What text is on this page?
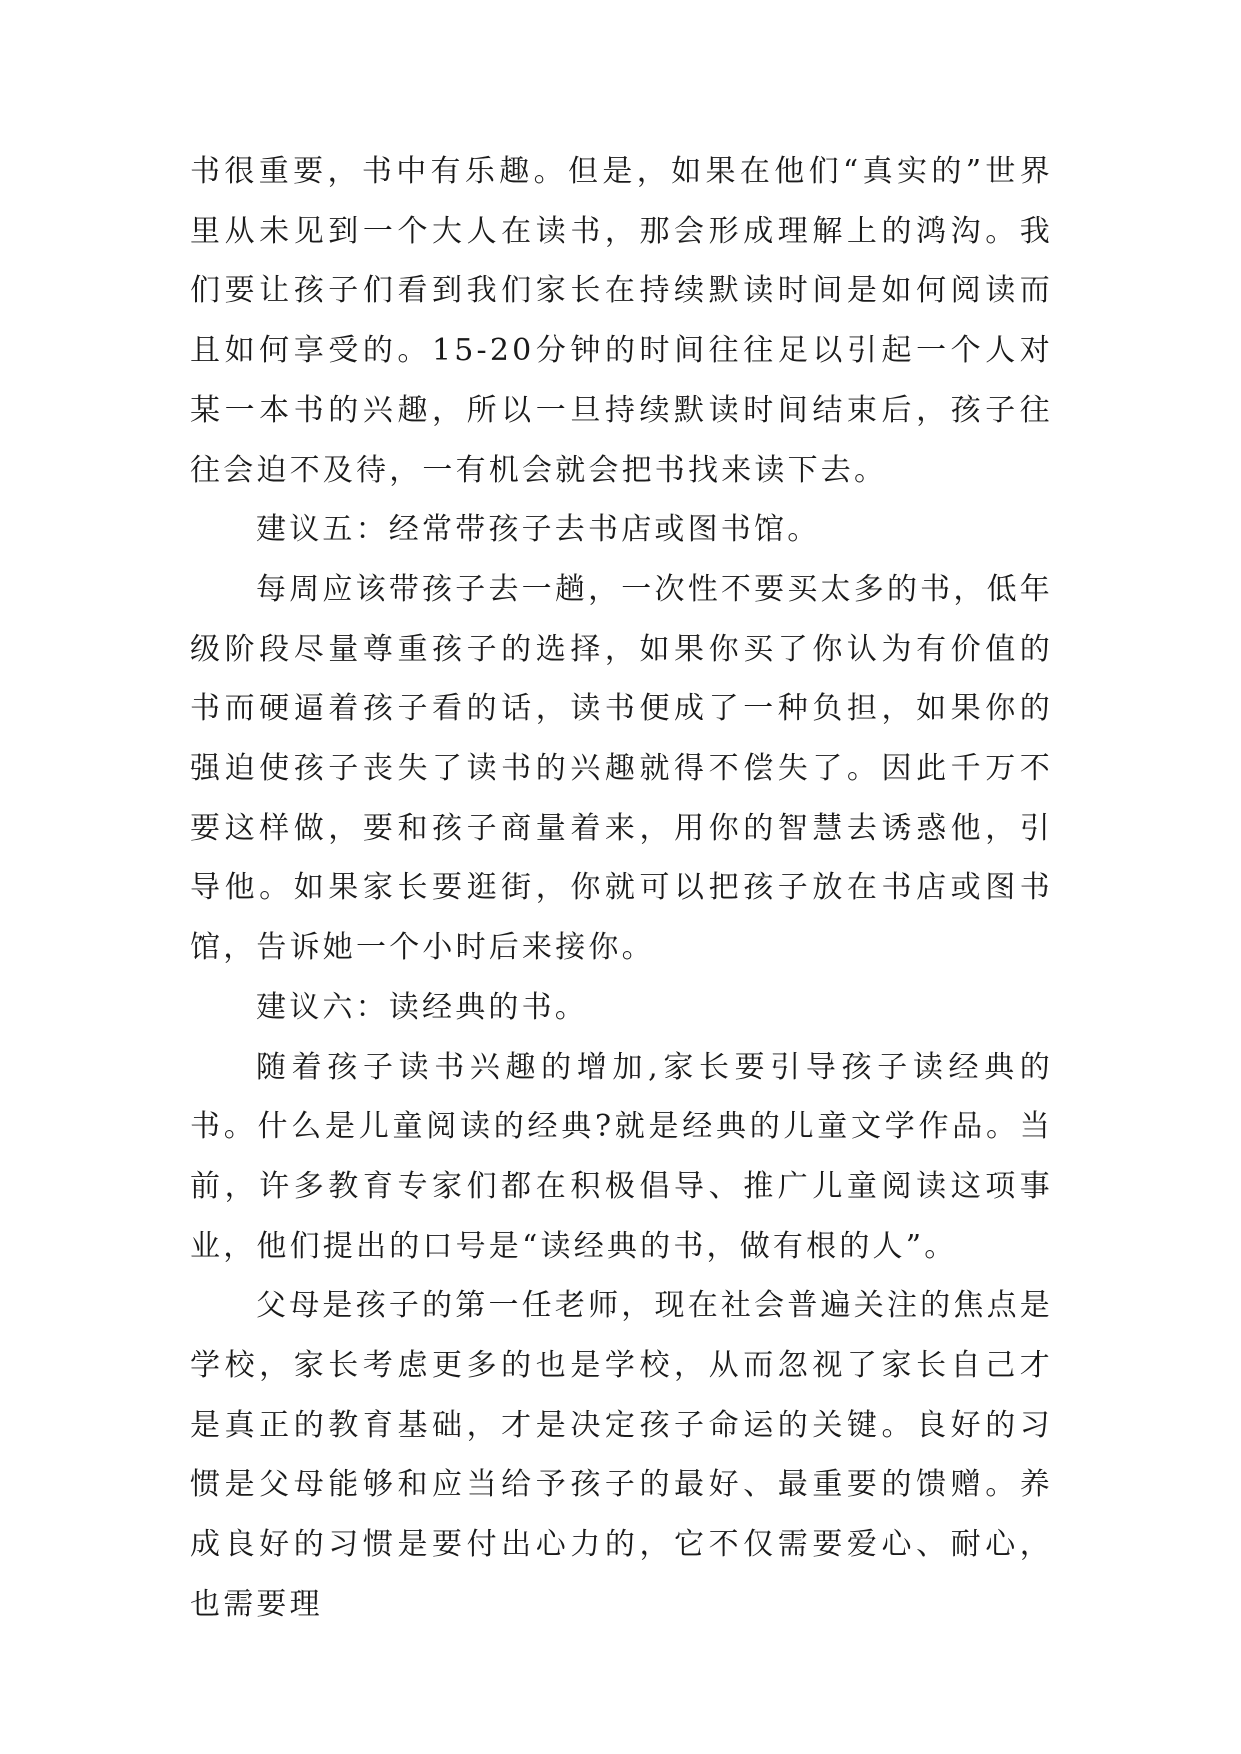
书很重要，书中有乐趣。但是，如果在他们“真实的”世界里从未见到一个大人在读书，那会形成理解上的鸿沟。我们要让孩子们看到我们家长在持续默读时间是如何阅读而且如何享受的。15-20分钟的时间往往足以引起一个人对某一本书的兴趣，所以一旦持续默读时间结束后，孩子往往会迫不及待，一有机会就会把书找来读下去。

建议五：经常带孩子去书店或图书馆。

每周应该带孩子去一趟，一次性不要买太多的书，低年级阶段尽量尊重孩子的选择，如果你买了你认为有价值的书而硬逼着孩子看的话，读书便成了一种负担，如果你的强迫使孩子丧失了读书的兴趣就得不偿失了。因此千万不要这样做，要和孩子商量着来，用你的智慧去诱惑他，引导他。如果家长要逛街，你就可以把孩子放在书店或图书馆，告诉她一个小时后来接你。

建议六：读经典的书。

随着孩子读书兴趣的增加,家长要引导孩子读经典的书。什么是儿童阅读的经典?就是经典的儿童文学作品。当前，许多教育专家们都在积极倡导、推广儿童阅读这项事业，他们提出的口号是“读经典的书，做有根的人”。

父母是孩子的第一任老师，现在社会普遍关注的焦点是学校，家长考虑更多的也是学校，从而忽视了家长自己才是真正的教育基础，才是决定孩子命运的关键。良好的习惯是父母能够和应当给予孩子的最好、最重要的馈赠。养成良好的习惯是要付出心力的，它不仅需要爱心、耐心，也需要理
